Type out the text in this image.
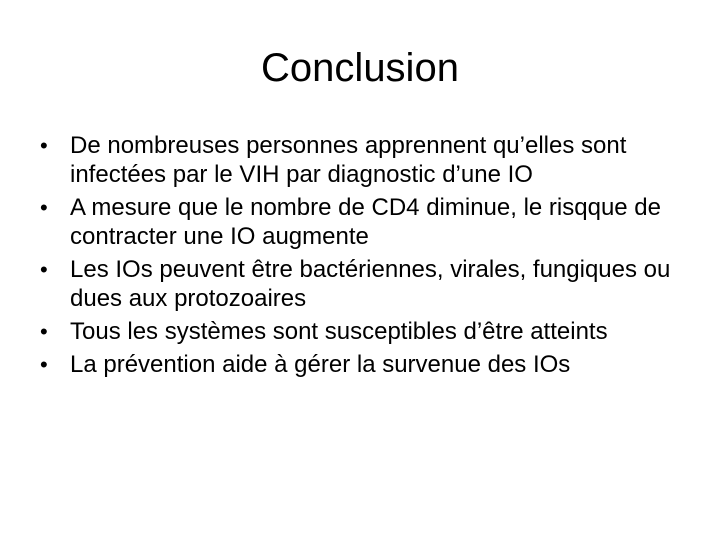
Conclusion
• De nombreuses personnes apprennent qu’elles sont infectées par le VIH par diagnostic d’une IO
• A mesure que le nombre de CD4 diminue, le risqque de contracter une IO augmente
• Les IOs peuvent être bactériennes, virales, fungiques ou dues aux protozoaires
• Tous les systèmes sont susceptibles d’être atteints
• La prévention aide à gérer la survenue des IOs
